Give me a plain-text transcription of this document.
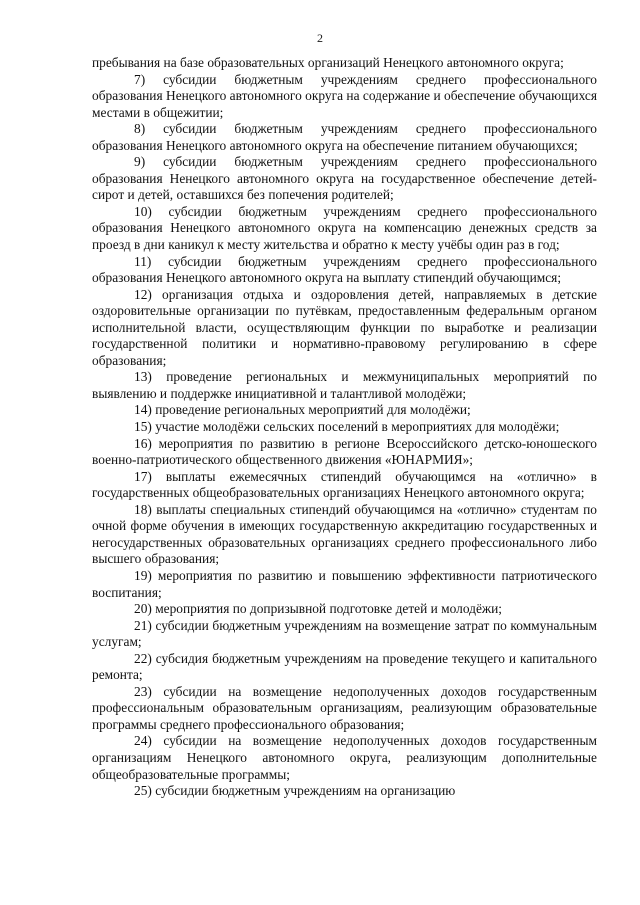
2

пребывания на базе образовательных организаций Ненецкого автономного округа;

7) субсидии бюджетным учреждениям среднего профессионального образования Ненецкого автономного округа на содержание и обеспечение обучающихся местами в общежитии;

8) субсидии бюджетным учреждениям среднего профессионального образования Ненецкого автономного округа на обеспечение питанием обучающихся;

9) субсидии бюджетным учреждениям среднего профессионального образования Ненецкого автономного округа на государственное обеспечение детей-сирот и детей, оставшихся без попечения родителей;

10) субсидии бюджетным учреждениям среднего профессионального образования Ненецкого автономного округа на компенсацию денежных средств за проезд в дни каникул к месту жительства и обратно к месту учёбы один раз в год;

11) субсидии бюджетным учреждениям среднего профессионального образования Ненецкого автономного округа на выплату стипендий обучающимся;

12) организация отдыха и оздоровления детей, направляемых в детские оздоровительные организации по путёвкам, предоставленным федеральным органом исполнительной власти, осуществляющим функции по выработке и реализации государственной политики и нормативно-правовому регулированию в сфере образования;

13) проведение региональных и межмуниципальных мероприятий по выявлению и поддержке инициативной и талантливой молодёжи;

14) проведение региональных мероприятий для молодёжи;

15) участие молодёжи сельских поселений в мероприятиях для молодёжи;

16) мероприятия по развитию в регионе Всероссийского детско-юношеского военно-патриотического общественного движения «ЮНАРМИЯ»;

17) выплаты ежемесячных стипендий обучающимся на «отлично» в государственных общеобразовательных организациях Ненецкого автономного округа;

18) выплаты специальных стипендий обучающимся на «отлично» студентам по очной форме обучения в имеющих государственную аккредитацию государственных и негосударственных образовательных организациях среднего профессионального либо высшего образования;

19) мероприятия по развитию и повышению эффективности патриотического воспитания;

20) мероприятия по допризывной подготовке детей и молодёжи;

21) субсидии бюджетным учреждениям на возмещение затрат по коммунальным услугам;

22) субсидия бюджетным учреждениям на проведение текущего и капитального ремонта;

23) субсидии на возмещение недополученных доходов государственным профессиональным образовательным организациям, реализующим образовательные программы среднего профессионального образования;

24) субсидии на возмещение недополученных доходов государственным организациям Ненецкого автономного округа, реализующим дополнительные общеобразовательные программы;

25) субсидии бюджетным учреждениям на организацию
